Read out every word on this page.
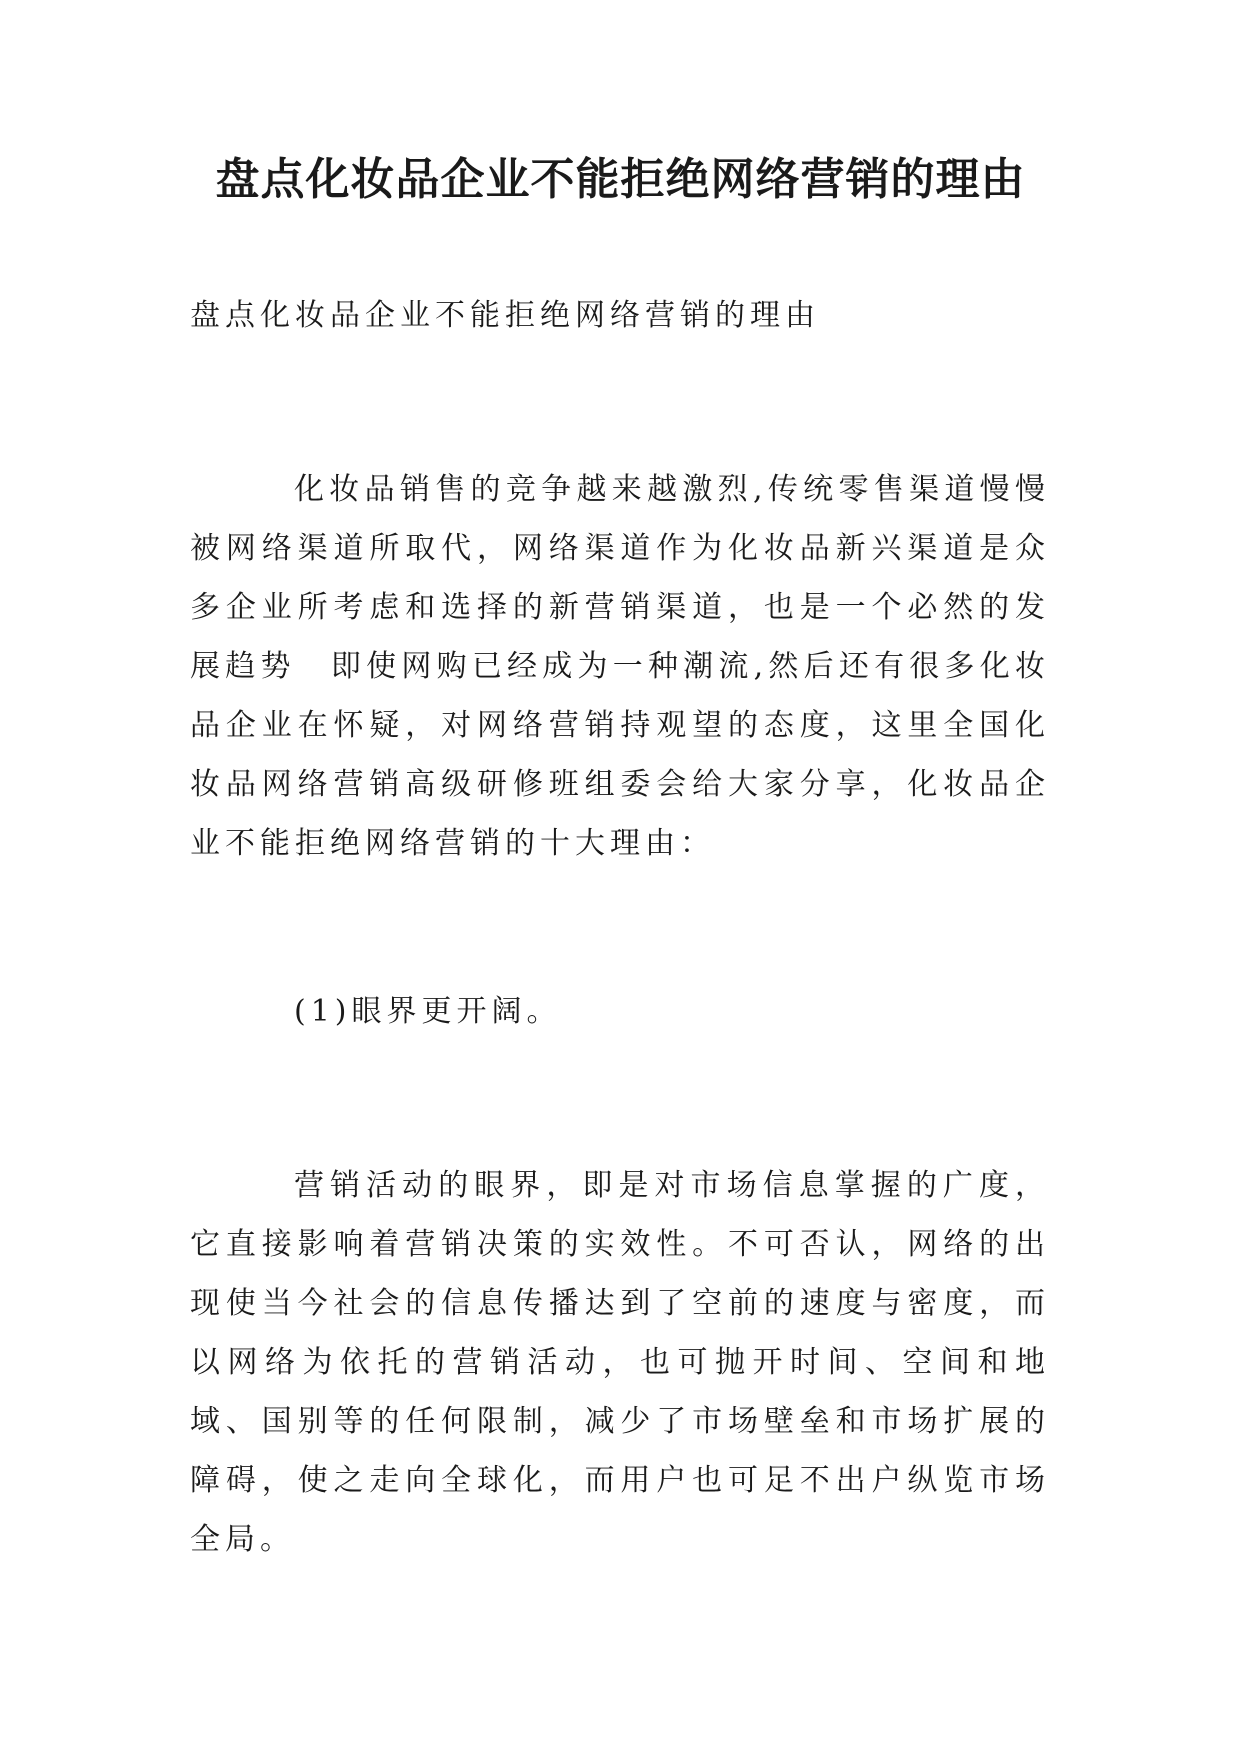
盘点化妆品企业不能拒绝网络营销的理由

盘点化妆品企业不能拒绝网络营销的理由

化妆品销售的竞争越来越激烈,传统零售渠道慢慢被网络渠道所取代，网络渠道作为化妆品新兴渠道是众多企业所考虑和选择的新营销渠道，也是一个必然的发展趋势　即使网购已经成为一种潮流,然后还有很多化妆品企业在怀疑，对网络营销持观望的态度，这里全国化妆品网络营销高级研修班组委会给大家分享，化妆品企业不能拒绝网络营销的十大理由：

(1)眼界更开阔。

营销活动的眼界，即是对市场信息掌握的广度，它直接影响着营销决策的实效性。不可否认，网络的出现使当今社会的信息传播达到了空前的速度与密度，而以网络为依托的营销活动，也可抛开时间、空间和地域、国别等的任何限制，减少了市场壁垒和市场扩展的障碍，使之走向全球化，而用户也可足不出户纵览市场全局。
